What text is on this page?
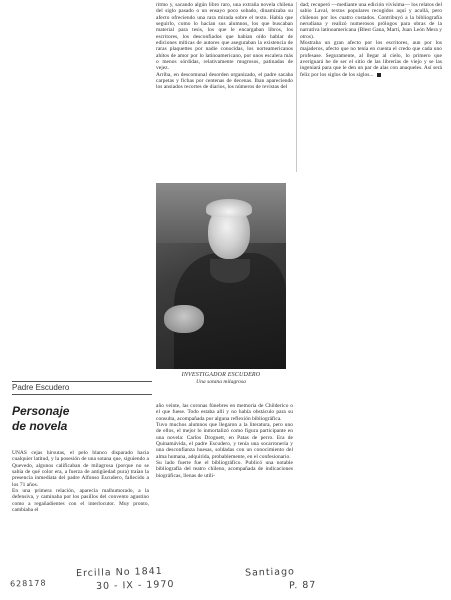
ritmo y, sacando algún libro raro, una extraña novela chilena del siglo pasado o un ensayo poco sobado, dinamizaba su afecto ofreciendo una rara mirada sobre el texto. Había que seguirlo, como lo hacían sus alumnos, los que buscaban material para tesis, los que le encargaban libros, los escritores, los desconfiados que habían oído hablar de ediciones míticas de autores que aseguraban la existencia de raras plaquettes por nadie conocidas, los norteamericanos ahítos de amor por lo latinoamericano, por unos escalera más o menos sórdidas, relativamente mugrosos, patinadas de vejez.
Arriba, en descomunal desorden organizado, el padre sacaba carpetas y fichas por centenas de decenas. Iban apareciendo los ansiados recortes de diarios, los números de revistas del
dad; recuperó —mediante una edición vivísima— los relatos del sabio Laval, textos populares recogidos aquí y acullá, pero chilenos por los cuatro costados. Contribuyó a la bibliografía nerudiana y realizó numerosos prólogos para obras de la narrativa latinoamericana (Blest Gana, Martí, Juan León Mera y otros).
Mostraba un gran afecto por los escritores, aun por los majaderos, afecto que no tenía en cuenta el credo que cada uno profesase. Seguramente, al llegar al cielo, lo primero que averiguará he de ser el sitio de las librerías de viejo y se las ingeniará para que le den un par de alas con anaqueles. Así será feliz por los siglos de los siglos...
INVESTIGADOR ESCUDERO
Una sotana milagrosa
Padre Escudero
Personaje
de novela
UNAS cejas hirsutas, el pelo blanco disparado hacia cualquier latitud, y la posesión de una sotana que, siguiendo a Quevedo, algunos calificaban de milagrosa (porque no se sabía de qué color era, a fuerza de antigüedad pura) traían la presencia inmediata del padre Alfonso Escudero, fallecido a los 71 años.
En una primera relación, aparecía malhumorado, a la defensiva, y caminaba por los pasillos del convento agustino como a regañadientes con el interlocutor. Muy pronto, cambiaba el
año veinte, las coronas fúnebres en memoria de Childerico o el que fuese. Todo estaba allí y no había obstáculo para su consulta, acompañada por alguna reflexión bibliográfica.
Tuvo muchos alumnos que llegaron a la literatura, pero uno de ellos, el mejor lo inmortalizó como figura participante en una novela: Carlos Droguett, en Patas de perro. Era de Quinamávida, el padre Escudero, y tenía una socarronería y una desconfianza huesas, soldadas con un conocimiento del alma humana, adquirida, probablemente, en el confesionario.
Su lado fuerte fue el bibliográfico. Publicó una notable bibliografía del teatro chileno, acompañada de indicaciones biográficas, llenas de utili-
628178
Ercilla No 1841
30 - IX - 1970
Santiago
P. 87
